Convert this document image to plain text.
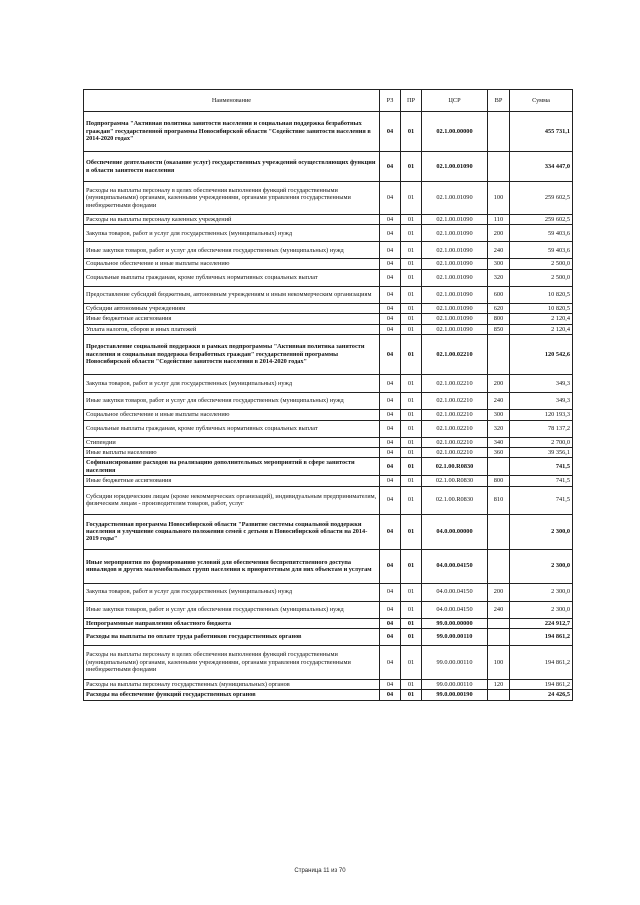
Наименование	РЗ	ПР	ЦСР	ВР	Сумма
Подпрограмма "Активная политика занятости населения и социальная поддержка безработных граждан" государственной программы Новосибирской области "Содействие занятости населения в 2014-2020 годах"	04	01	02.1.00.00000		455 731,1
Обеспечение деятельности (оказание услуг) государственных учреждений осуществляющих функции в области занятости населения	04	01	02.1.00.01090		334 447,0
Расходы на выплаты персоналу в целях обеспечения выполнения функций государственными (муниципальными) органами, казенными учреждениями, органами управления государственными внебюджетными фондами	04	01	02.1.00.01090	100	259 602,5
Расходы на выплаты персоналу казенных учреждений	04	01	02.1.00.01090	110	259 602,5
Закупка товаров, работ и услуг для государственных (муниципальных) нужд	04	01	02.1.00.01090	200	59 403,6
Иные закупки товаров, работ и услуг для обеспечения государственных (муниципальных) нужд	04	01	02.1.00.01090	240	59 403,6
Социальное обеспечение и иные выплаты населению	04	01	02.1.00.01090	300	2 500,0
Социальные выплаты гражданам, кроме публичных нормативных социальных выплат	04	01	02.1.00.01090	320	2 500,0
Предоставление субсидий бюджетным, автономным учреждениям и иным некоммерческим организациям	04	01	02.1.00.01090	600	10 820,5
Субсидии автономным учреждениям	04	01	02.1.00.01090	620	10 820,5
Иные бюджетные ассигнования	04	01	02.1.00.01090	800	2 120,4
Уплата налогов, сборов и иных платежей	04	01	02.1.00.01090	850	2 120,4
Предоставление социальной поддержки в рамках подпрограммы "Активная политика занятости населения и социальная поддержка безработных граждан" государственной программы Новосибирской области "Содействие занятости населения в 2014-2020 годах"	04	01	02.1.00.02210		120 542,6
Закупка товаров, работ и услуг для государственных (муниципальных) нужд	04	01	02.1.00.02210	200	349,3
Иные закупки товаров, работ и услуг для обеспечения государственных (муниципальных) нужд	04	01	02.1.00.02210	240	349,3
Социальное обеспечение и иные выплаты населению	04	01	02.1.00.02210	300	120 193,3
Социальные выплаты гражданам, кроме публичных нормативных социальных выплат	04	01	02.1.00.02210	320	78 137,2
Стипендии	04	01	02.1.00.02210	340	2 700,0
Иные выплаты населению	04	01	02.1.00.02210	360	39 356,1
Софинансирование расходов на реализацию дополнительных мероприятий в сфере занятости населения	04	01	02.1.00.R0830		741,5
Иные бюджетные ассигнования	04	01	02.1.00.R0830	800	741,5
Субсидии юридическим лицам (кроме некоммерческих организаций), индивидуальным предпринимателям, физическим лицам - производителям товаров, работ, услуг	04	01	02.1.00.R0830	810	741,5
Государственная программа Новосибирской области "Развитие системы социальной поддержки населения и улучшение социального положения семей с детьми в Новосибирской области на 2014-2019 годы"	04	01	04.0.00.00000		2 300,0
Иные мероприятия по формированию условий для обеспечения беспрепятственного доступа инвалидов и других маломобильных групп населения к приоритетным для них объектам и услугам	04	01	04.0.00.04150		2 300,0
Закупка товаров, работ и услуг для государственных (муниципальных) нужд	04	01	04.0.00.04150	200	2 300,0
Иные закупки товаров, работ и услуг для обеспечения государственных (муниципальных) нужд	04	01	04.0.00.04150	240	2 300,0
Непрограммные направления областного бюджета	04	01	99.0.00.00000		224 912,7
Расходы на выплаты по оплате труда работников государственных органов	04	01	99.0.00.00110		194 861,2
Расходы на выплаты персоналу в целях обеспечения выполнения функций государственными (муниципальными) органами, казенными учреждениями, органами управления государственными внебюджетными фондами	04	01	99.0.00.00110	100	194 861,2
Расходы на выплаты персоналу государственных (муниципальных) органов	04	01	99.0.00.00110	120	194 861,2
Расходы на обеспечение функций государственных органов	04	01	99.0.00.00190		24 426,5
Страница 11 из 70
